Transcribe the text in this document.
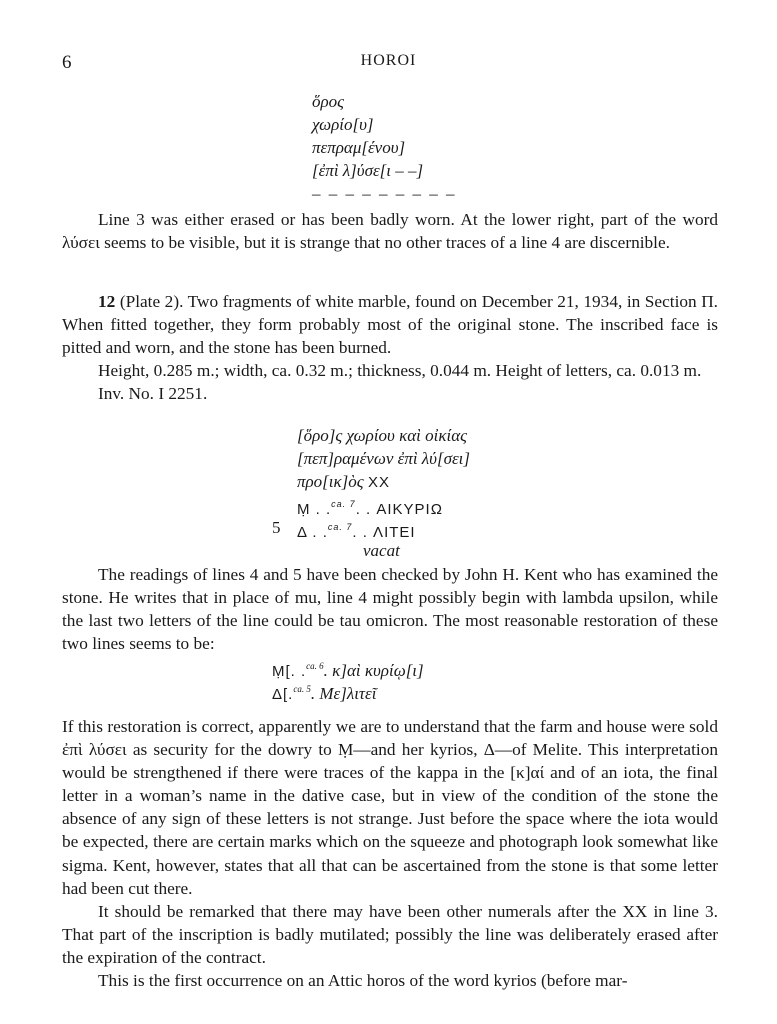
6	HOROI
ὅρος
χωρίο[υ]
πεπραμ[ένου]
[ἐπὶ λ]ύσε[ι – –]
– – – – – – – – –

Line 3 was either erased or has been badly worn. At the lower right, part of the word λύσει seems to be visible, but it is strange that no other traces of a line 4 are discernible.

12 (Plate 2). Two fragments of white marble, found on December 21, 1934, in Section Π. When fitted together, they form probably most of the original stone. The inscribed face is pitted and worn, and the stone has been burned.

Height, 0.285 m.; width, ca. 0.32 m.; thickness, 0.044 m. Height of letters, ca. 0.013 m.

Inv. No. I 2251.

[ὅρο]ς χωρίου καὶ οἰκίας
[πεπ]ραμένων ἐπὶ λύ[σει]
προ[ικ]ὸς XX
Ṃ . .$^{ca. 7}$. . ΑΙΚΥΡΙΩ
5 Δ . .$^{ca. 7}$. . ΛΙΤΕΙ
vacat

The readings of lines 4 and 5 have been checked by John H. Kent who has examined the stone. He writes that in place of mu, line 4 might possibly begin with lambda upsilon, while the last two letters of the line could be tau omicron. The most reasonable restoration of these two lines seems to be:

Ṃ[. .$^{ca. 6}$. κ]αὶ κυρίῳ[ι]
Δ[.$^{ca. 5}$. Με]λιτεῖ

If this restoration is correct, apparently we are to understand that the farm and house were sold ἐπὶ λύσει as security for the dowry to Ṃ—and her kyrios, Δ—of Melite. This interpretation would be strengthened if there were traces of the kappa in the [κ]αί and of an iota, the final letter in a woman’s name in the dative case, but in view of the condition of the stone the absence of any sign of these letters is not strange. Just before the space where the iota would be expected, there are certain marks which on the squeeze and photograph look somewhat like sigma. Kent, however, states that all that can be ascertained from the stone is that some letter had been cut there.

It should be remarked that there may have been other numerals after the XX in line 3. That part of the inscription is badly mutilated; possibly the line was deliberately erased after the expiration of the contract.

This is the first occurrence on an Attic horos of the word kyrios (before mar-
